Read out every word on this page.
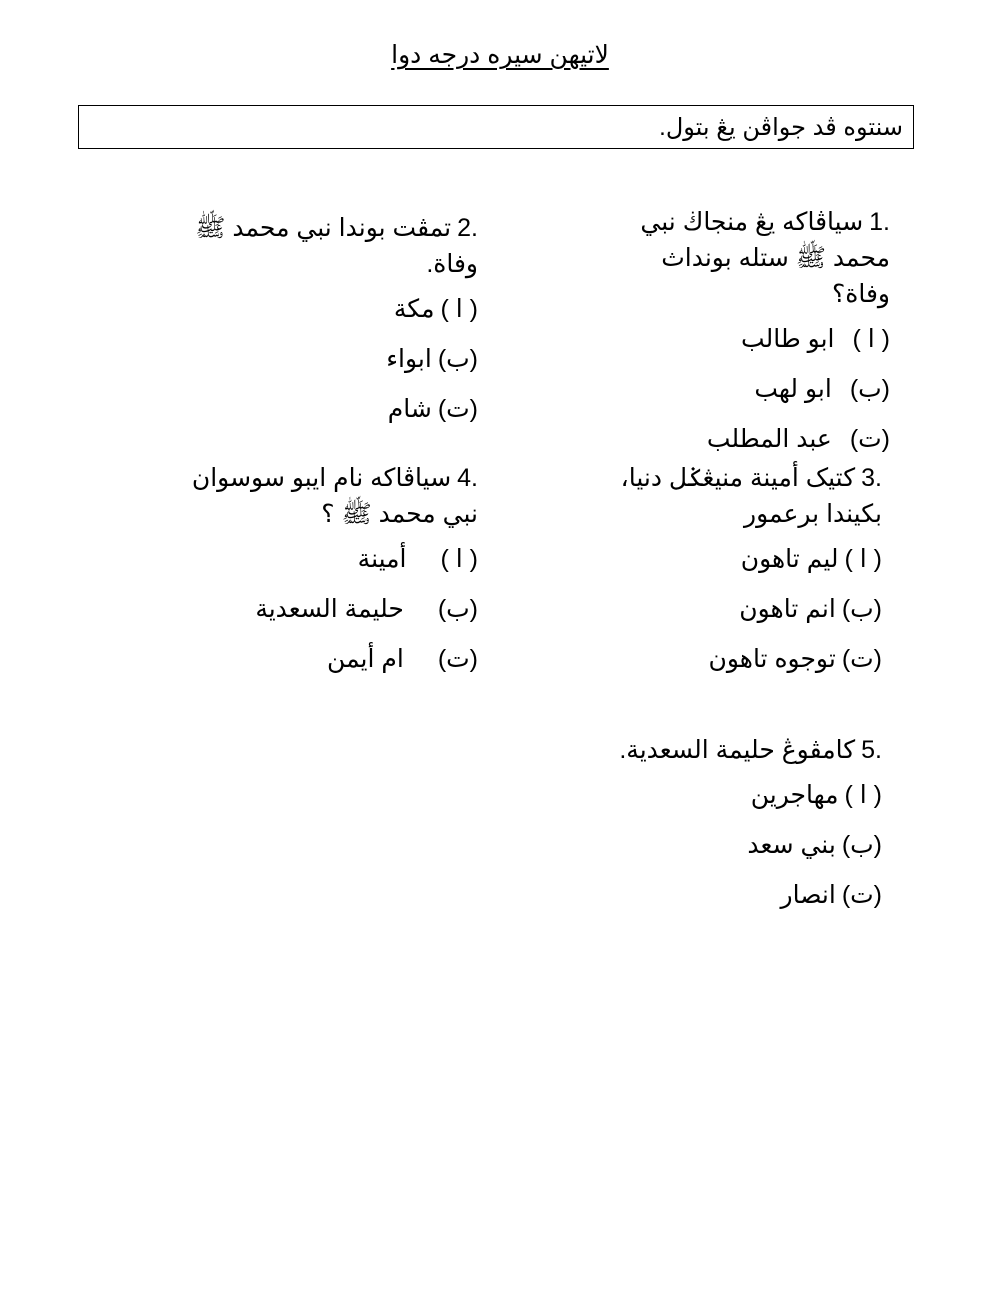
لاتيهن سيره درجه دوا
سنتوه ڤد جواڤن يڠ بتول.
1.سياڤاكه يڠ منجاڬ نبي محمد ﷺ ستله بونداث وفاة؟
( ا )ابو طالب
(ب)ابو لهب
(ت)عبد المطلب
2.تمڤت بوندا نبي محمد ﷺ وفاة.
( ا )مكة
(ب)ابواء
(ت)شام
3.كتيک أمينة منيڠݢل دنيا، بكيندا برعمور
( ا )ليم تاهون
(ب)انم تاهون
(ت)توجوه تاهون
4.سياڤاكه نام ايبو سوسوان نبي محمد ﷺ ؟
( ا )أمينة
(ب)حليمة السعدية
(ت)ام أيمن
5.كامڤوڠ حليمة السعدية.
( ا )مهاجرين
(ب)بني سعد
(ت)انصار
